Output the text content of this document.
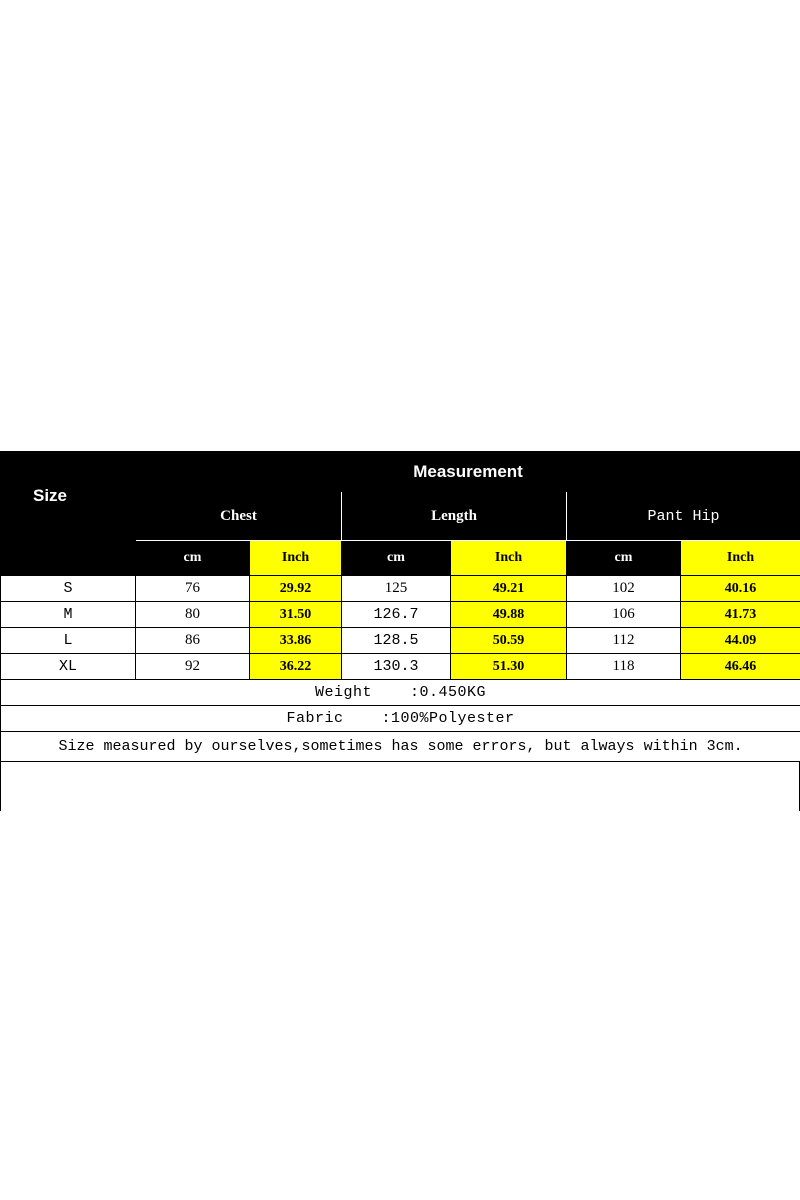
Size	Measurement					
	Chest		Length		Pant Hip	
	cm	Inch	cm	Inch	cm	Inch
S	76	29.92	125	49.21	102	40.16
M	80	31.50	126.7	49.88	106	41.73
L	86	33.86	128.5	50.59	112	44.09
XL	92	36.22	130.3	51.30	118	46.46
Weight    :0.450KG						
Fabric    :100%Polyester						
Size measured by ourselves,sometimes has some errors, but always within 3cm.						
